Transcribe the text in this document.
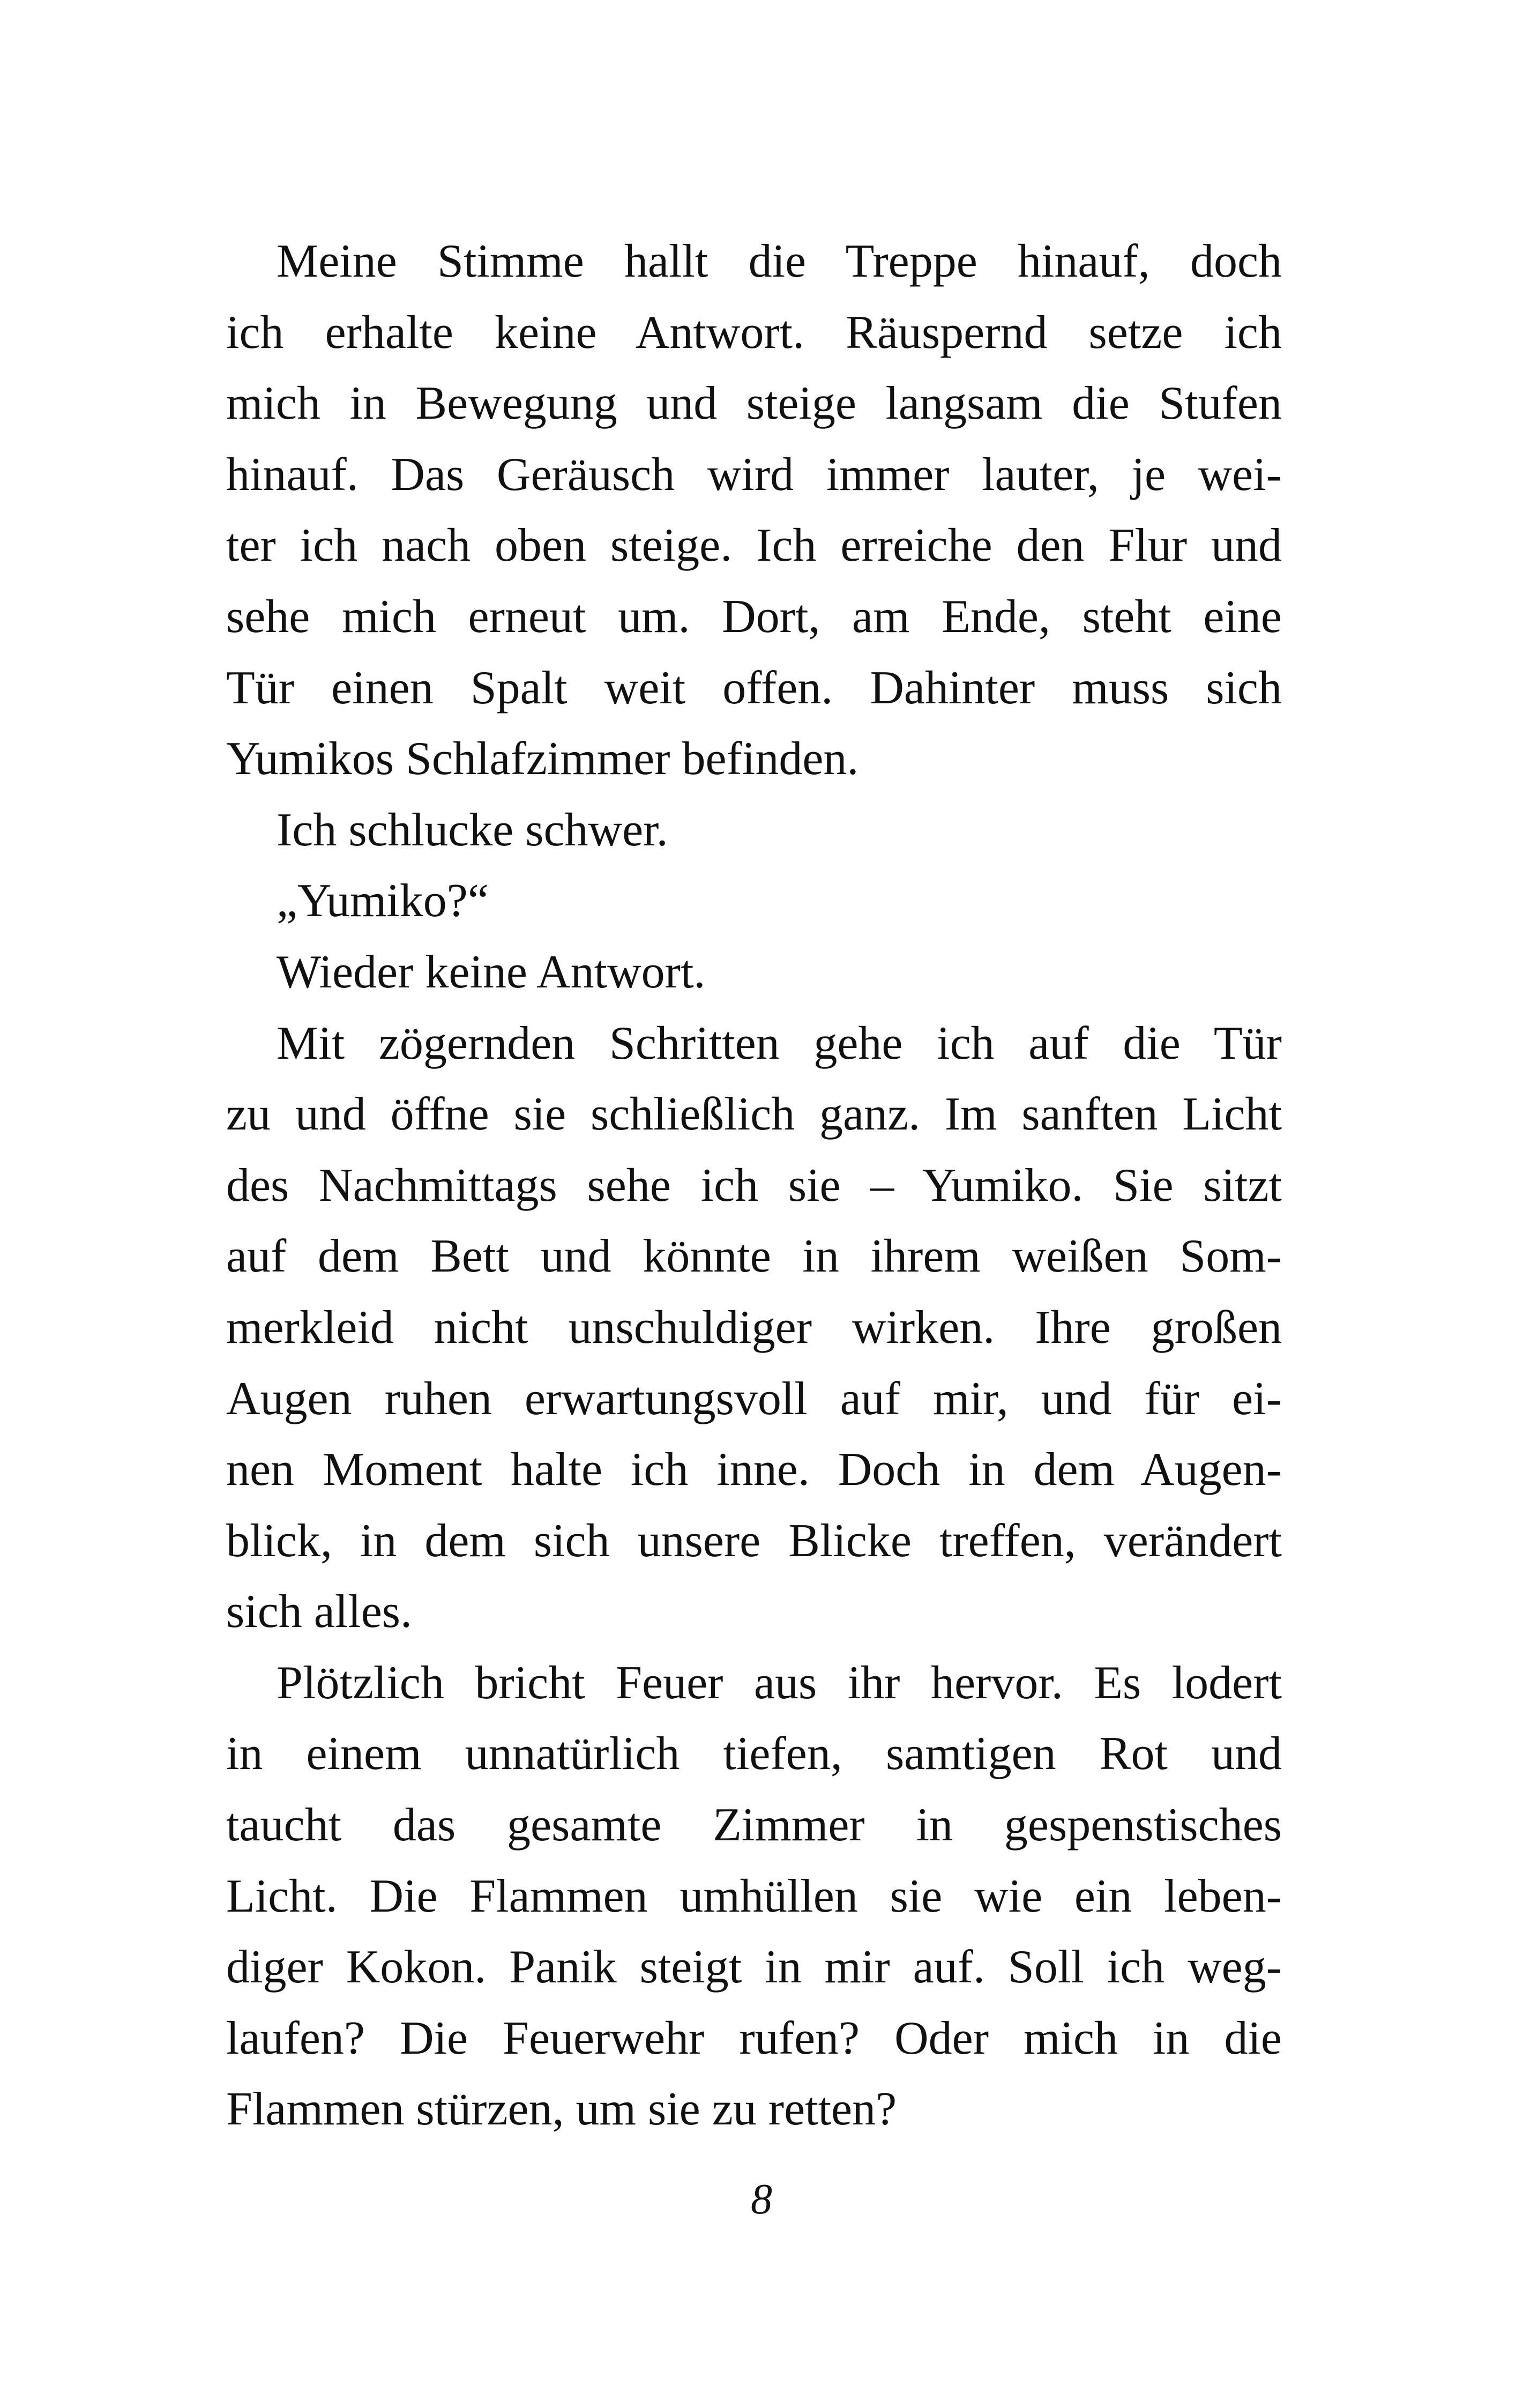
Meine Stimme hallt die Treppe hinauf, doch
ich erhalte keine Antwort. Räuspernd setze ich
mich in Bewegung und steige langsam die Stufen
hinauf. Das Geräusch wird immer lauter, je wei-
ter ich nach oben steige. Ich erreiche den Flur und
sehe mich erneut um. Dort, am Ende, steht eine
Tür einen Spalt weit offen. Dahinter muss sich
Yumikos Schlafzimmer befinden.
Ich schlucke schwer.
„Yumiko?“
Wieder keine Antwort.
Mit zögernden Schritten gehe ich auf die Tür
zu und öffne sie schließlich ganz. Im sanften Licht
des Nachmittags sehe ich sie – Yumiko. Sie sitzt
auf dem Bett und könnte in ihrem weißen Som-
merkleid nicht unschuldiger wirken. Ihre großen
Augen ruhen erwartungsvoll auf mir, und für ei-
nen Moment halte ich inne. Doch in dem Augen-
blick, in dem sich unsere Blicke treffen, verändert
sich alles.
Plötzlich bricht Feuer aus ihr hervor. Es lodert
in einem unnatürlich tiefen, samtigen Rot und
taucht das gesamte Zimmer in gespenstisches
Licht. Die Flammen umhüllen sie wie ein leben-
diger Kokon. Panik steigt in mir auf. Soll ich weg-
laufen? Die Feuerwehr rufen? Oder mich in die
Flammen stürzen, um sie zu retten?
8
